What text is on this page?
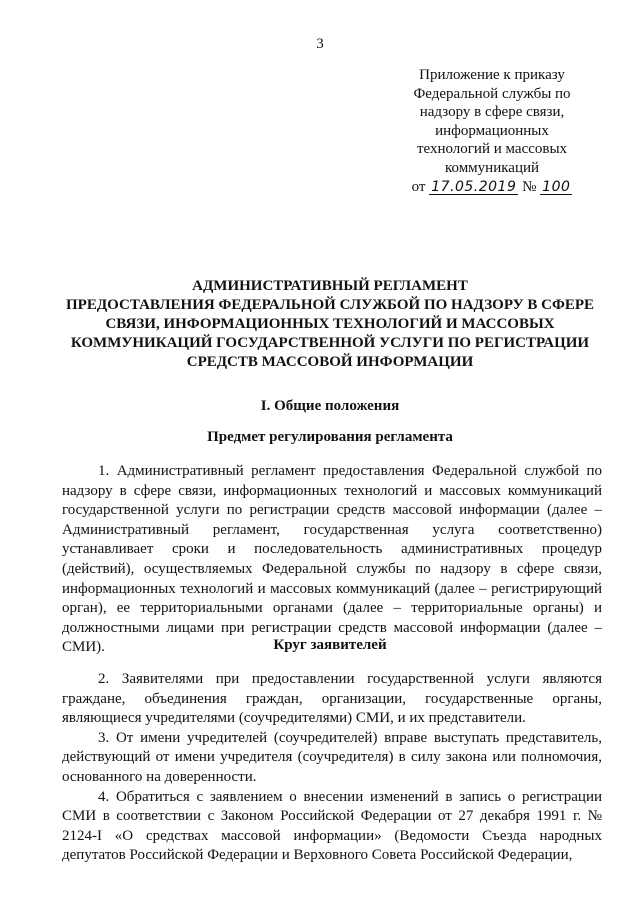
3
Приложение к приказу
Федеральной службы по
надзору в сфере связи,
информационных
технологий и массовых
коммуникаций
от 17.05.2019 № 100
АДМИНИСТРАТИВНЫЙ РЕГЛАМЕНТ
ПРЕДОСТАВЛЕНИЯ ФЕДЕРАЛЬНОЙ СЛУЖБОЙ ПО НАДЗОРУ В СФЕРЕ
СВЯЗИ, ИНФОРМАЦИОННЫХ ТЕХНОЛОГИЙ И МАССОВЫХ
КОММУНИКАЦИЙ ГОСУДАРСТВЕННОЙ УСЛУГИ ПО РЕГИСТРАЦИИ
СРЕДСТВ МАССОВОЙ ИНФОРМАЦИИ
I. Общие положения
Предмет регулирования регламента

1. Административный регламент предоставления Федеральной службой по надзору в сфере связи, информационных технологий и массовых коммуникаций государственной услуги по регистрации средств массовой информации (далее – Административный регламент, государственная услуга соответственно) устанавливает сроки и последовательность административных процедур (действий), осуществляемых Федеральной службы по надзору в сфере связи, информационных технологий и массовых коммуникаций (далее – регистрирующий орган), ее территориальными органами (далее – территориальные органы) и должностными лицами при регистрации средств массовой информации (далее – СМИ).	Круг заявителей

2. Заявителями при предоставлении государственной услуги являются граждане, объединения граждан, организации, государственные органы, являющиеся учредителями (соучредителями) СМИ, и их представители.

3. От имени учредителей (соучредителей) вправе выступать представитель, действующий от имени учредителя (соучредителя) в силу закона или полномочия, основанного на доверенности.

4. Обратиться с заявлением о внесении изменений в запись о регистрации СМИ в соответствии с Законом Российской Федерации от 27 декабря 1991 г. № 2124-I «О средствах массовой информации» (Ведомости Съезда народных депутатов Российской Федерации и Верховного Совета Российской Федерации,
